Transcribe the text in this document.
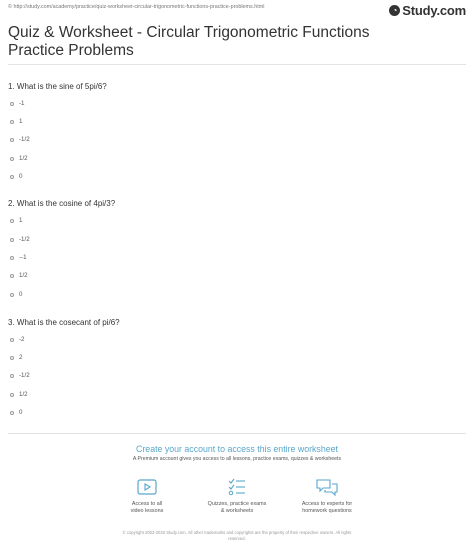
© http://study.com/academy/practice/quiz-worksheet-circular-trigonometric-functions-practice-problems.html	◔ Study.com
Quiz & Worksheet - Circular Trigonometric Functions Practice Problems
1. What is the sine of 5pi/6?
-1
1
-1/2
1/2
0
2. What is the cosine of 4pi/3?
1
-1/2
--1
1/2
0
3. What is the cosecant of pi/6?
-2
2
-1/2
1/2
0
Create your account to access this entire worksheet
A Premium account gives you access to all lessons, practice exams, quizzes & worksheets
Access to all
video lessons
Quizzes, practice exams
& worksheets
Access to experts for
homework questions
© copyright 2003-2020 Study.com. All other trademarks and copyrights are the property of their respective owners. All rights
reserved.
